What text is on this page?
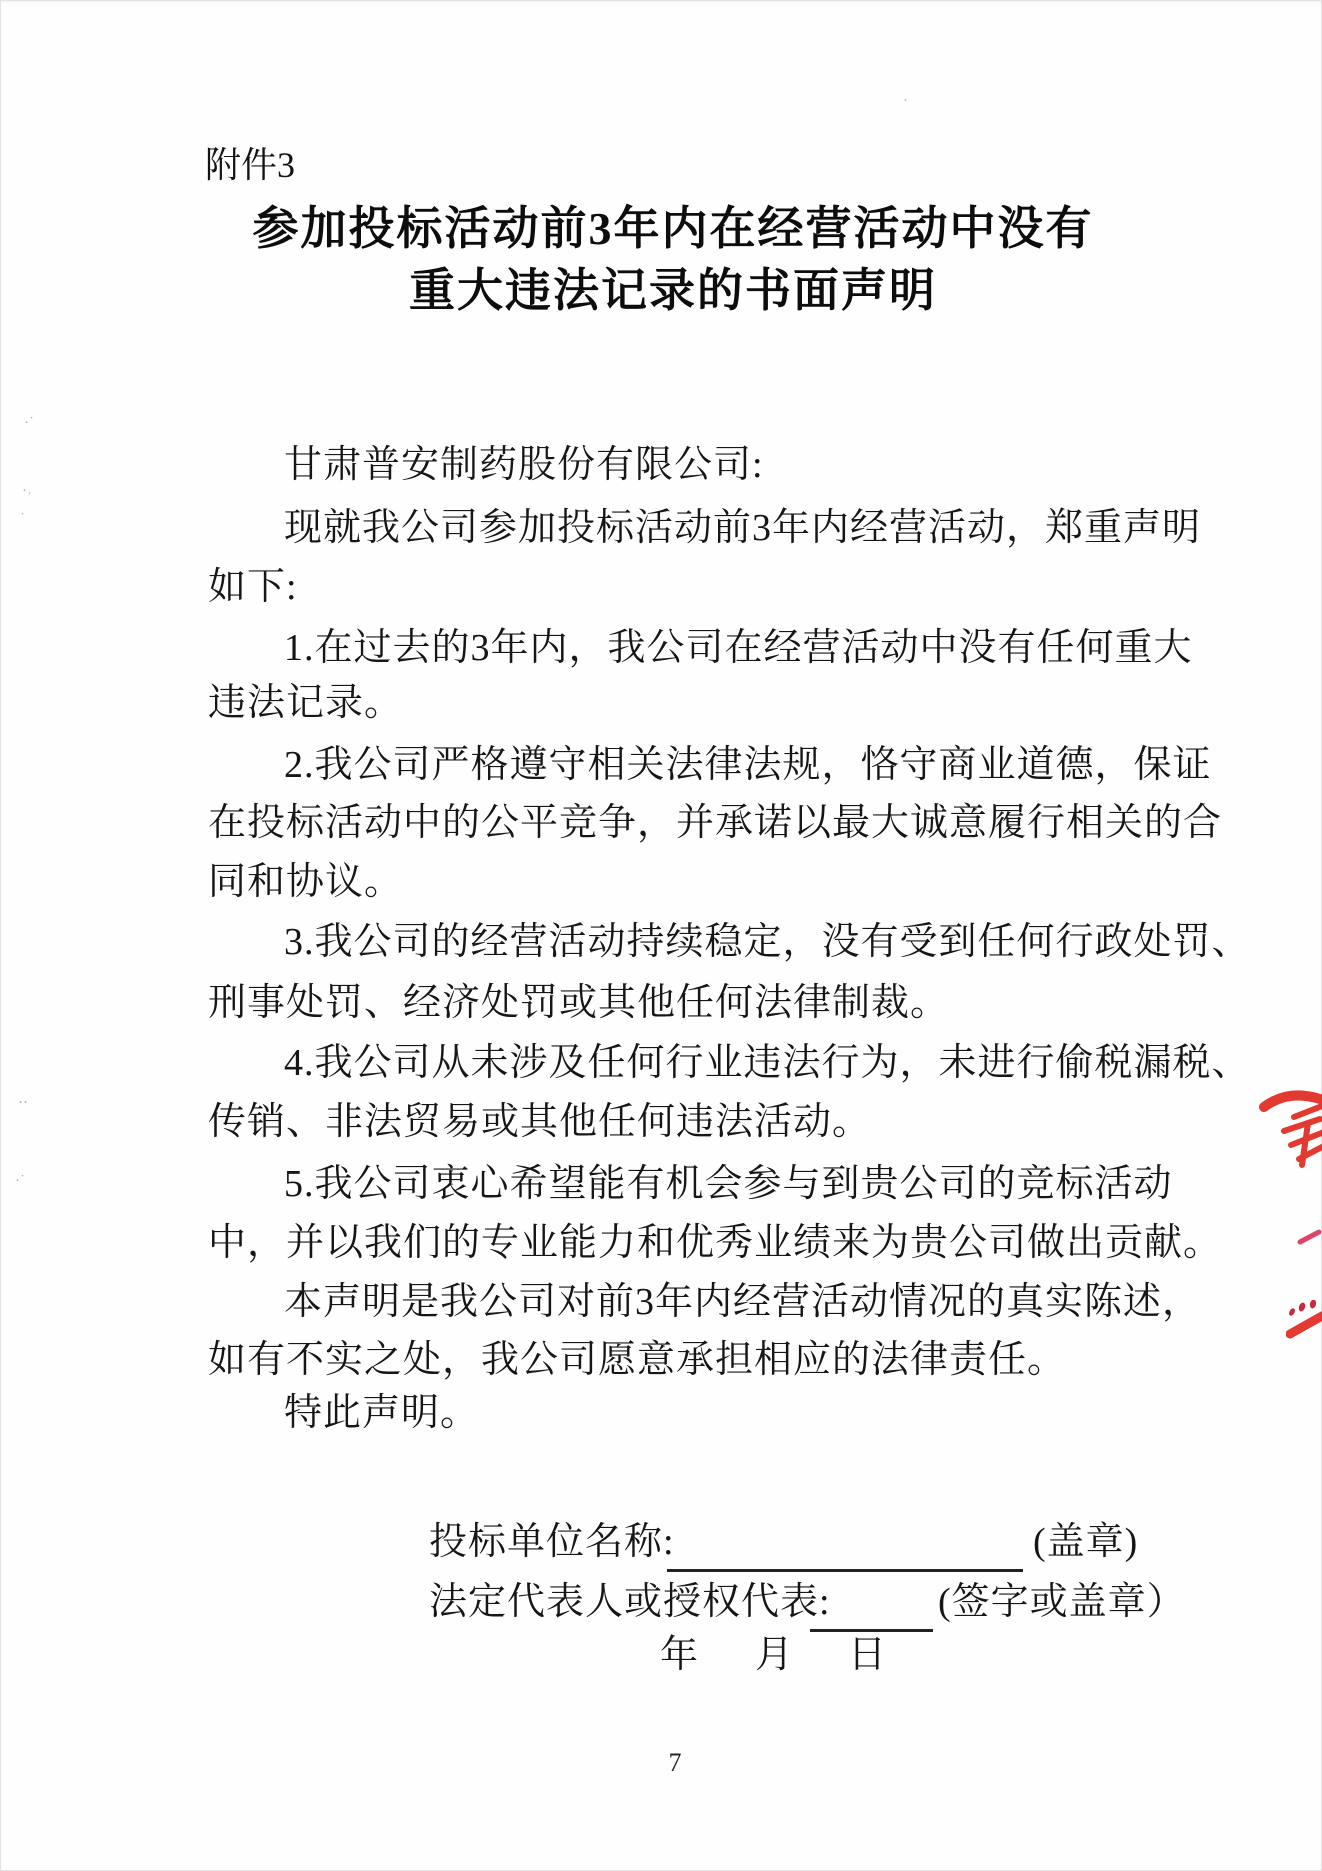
附件3
参加投标活动前3年内在经营活动中没有
重大违法记录的书面声明
甘肃普安制药股份有限公司:
现就我公司参加投标活动前3年内经营活动，郑重声明
如下:
1.在过去的3年内，我公司在经营活动中没有任何重大
违法记录。
2.我公司严格遵守相关法律法规，恪守商业道德，保证
在投标活动中的公平竞争，并承诺以最大诚意履行相关的合
同和协议。
3.我公司的经营活动持续稳定，没有受到任何行政处罚、
刑事处罚、经济处罚或其他任何法律制裁。
4.我公司从未涉及任何行业违法行为，未进行偷税漏税、
传销、非法贸易或其他任何违法活动。
5.我公司衷心希望能有机会参与到贵公司的竞标活动
中，并以我们的专业能力和优秀业绩来为贵公司做出贡献。
本声明是我公司对前3年内经营活动情况的真实陈述，
如有不实之处，我公司愿意承担相应的法律责任。
特此声明。
投标单位名称:	(盖章)
法定代表人或授权代表:	(签字或盖章）
年 月 日
7
·˙
·˒
˙
‥
·˙
·
